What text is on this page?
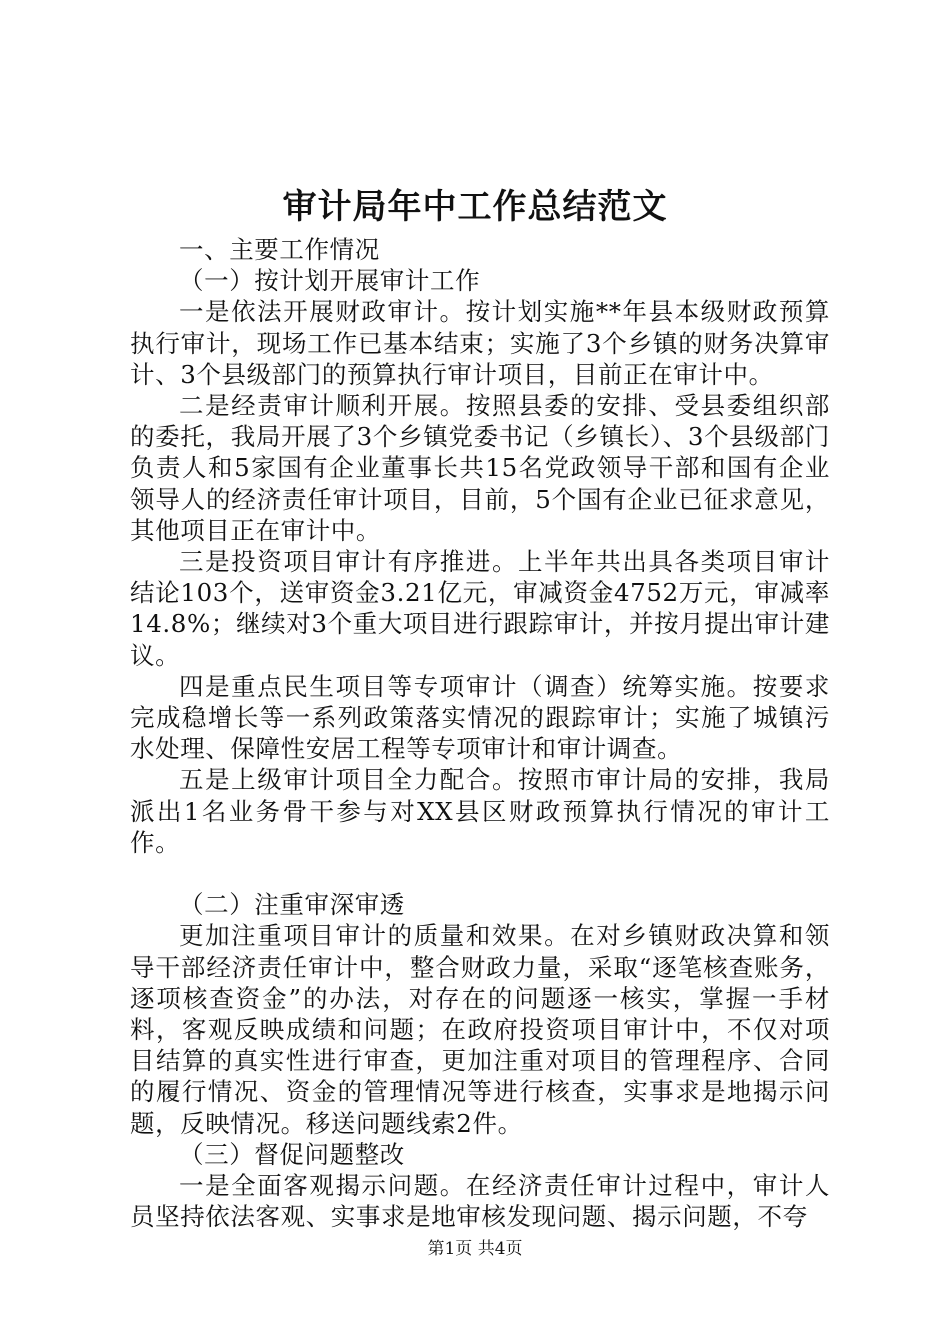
审计局年中工作总结范文

一、主要工作情况

（一）按计划开展审计工作

一是依法开展财政审计。按计划实施**年县本级财政预算执行审计，现场工作已基本结束；实施了3个乡镇的财务决算审计、3个县级部门的预算执行审计项目，目前正在审计中。

二是经责审计顺利开展。按照县委的安排、受县委组织部的委托，我局开展了3个乡镇党委书记（乡镇长）、3个县级部门负责人和5家国有企业董事长共15名党政领导干部和国有企业领导人的经济责任审计项目，目前，5个国有企业已征求意见，其他项目正在审计中。

三是投资项目审计有序推进。上半年共出具各类项目审计结论103个，送审资金3.21亿元，审减资金4752万元，审减率14.8%；继续对3个重大项目进行跟踪审计，并按月提出审计建议。

四是重点民生项目等专项审计（调查）统筹实施。按要求完成稳增长等一系列政策落实情况的跟踪审计；实施了城镇污水处理、保障性安居工程等专项审计和审计调查。

五是上级审计项目全力配合。按照市审计局的安排，我局派出1名业务骨干参与对XX县区财政预算执行情况的审计工作。

（二）注重审深审透

更加注重项目审计的质量和效果。在对乡镇财政决算和领导干部经济责任审计中，整合财政力量，采取“逐笔核查账务，逐项核查资金”的办法，对存在的问题逐一核实，掌握一手材料，客观反映成绩和问题；在政府投资项目审计中，不仅对项目结算的真实性进行审查，更加注重对项目的管理程序、合同的履行情况、资金的管理情况等进行核查，实事求是地揭示问题，反映情况。移送问题线索2件。

（三）督促问题整改

一是全面客观揭示问题。在经济责任审计过程中，审计人员坚持依法客观、实事求是地审核发现问题、揭示问题，不夸

第1页 共4页
